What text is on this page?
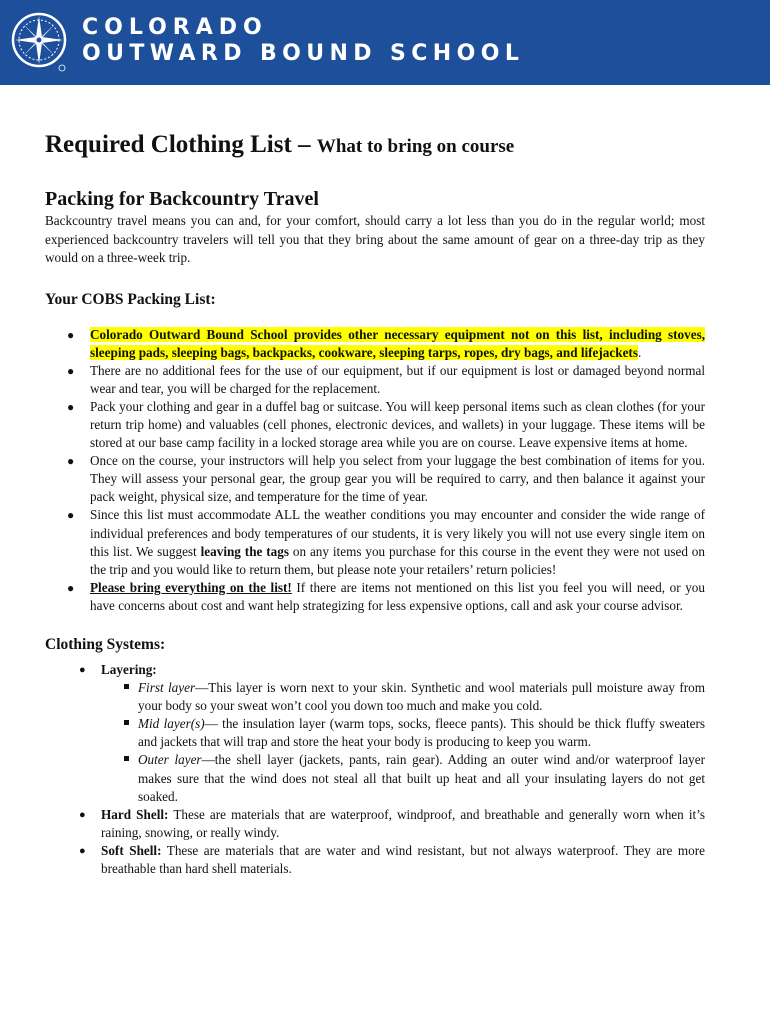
COLORADO
OUTWARD BOUND SCHOOL
Required Clothing List – What to bring on course
Packing for Backcountry Travel

Backcountry travel means you can and, for your comfort, should carry a lot less than you do in the regular world; most experienced backcountry travelers will tell you that they bring about the same amount of gear on a three-day trip as they would on a three-week trip.

Your COBS Packing List:
● Colorado Outward Bound School provides other necessary equipment not on this list, including stoves, sleeping pads, sleeping bags, backpacks, cookware, sleeping tarps, ropes, dry bags, and lifejackets.
● There are no additional fees for the use of our equipment, but if our equipment is lost or damaged beyond normal wear and tear, you will be charged for the replacement.
● Pack your clothing and gear in a duffel bag or suitcase. You will keep personal items such as clean clothes (for your return trip home) and valuables (cell phones, electronic devices, and wallets) in your luggage. These items will be stored at our base camp facility in a locked storage area while you are on course. Leave expensive items at home.
● Once on the course, your instructors will help you select from your luggage the best combination of items for you. They will assess your personal gear, the group gear you will be required to carry, and then balance it against your pack weight, physical size, and temperature for the time of year.
● Since this list must accommodate ALL the weather conditions you may encounter and consider the wide range of individual preferences and body temperatures of our students, it is very likely you will not use every single item on this list. We suggest leaving the tags on any items you purchase for this course in the event they were not used on the trip and you would like to return them, but please note your retailers’ return policies!
● Please bring everything on the list! If there are items not mentioned on this list you feel you will need, or you have concerns about cost and want help strategizing for less expensive options, call and ask your course advisor.
Clothing Systems:
● Layering:
First layer—This layer is worn next to your skin. Synthetic and wool materials pull moisture away from your body so your sweat won’t cool you down too much and make you cold.
Mid layer(s)— the insulation layer (warm tops, socks, fleece pants). This should be thick fluffy sweaters and jackets that will trap and store the heat your body is producing to keep you warm.
Outer layer—the shell layer (jackets, pants, rain gear). Adding an outer wind and/or waterproof layer makes sure that the wind does not steal all that built up heat and all your insulating layers do not get soaked.
● Hard Shell: These are materials that are waterproof, windproof, and breathable and generally worn when it’s raining, snowing, or really windy.
● Soft Shell: These are materials that are water and wind resistant, but not always waterproof. They are more breathable than hard shell materials.
